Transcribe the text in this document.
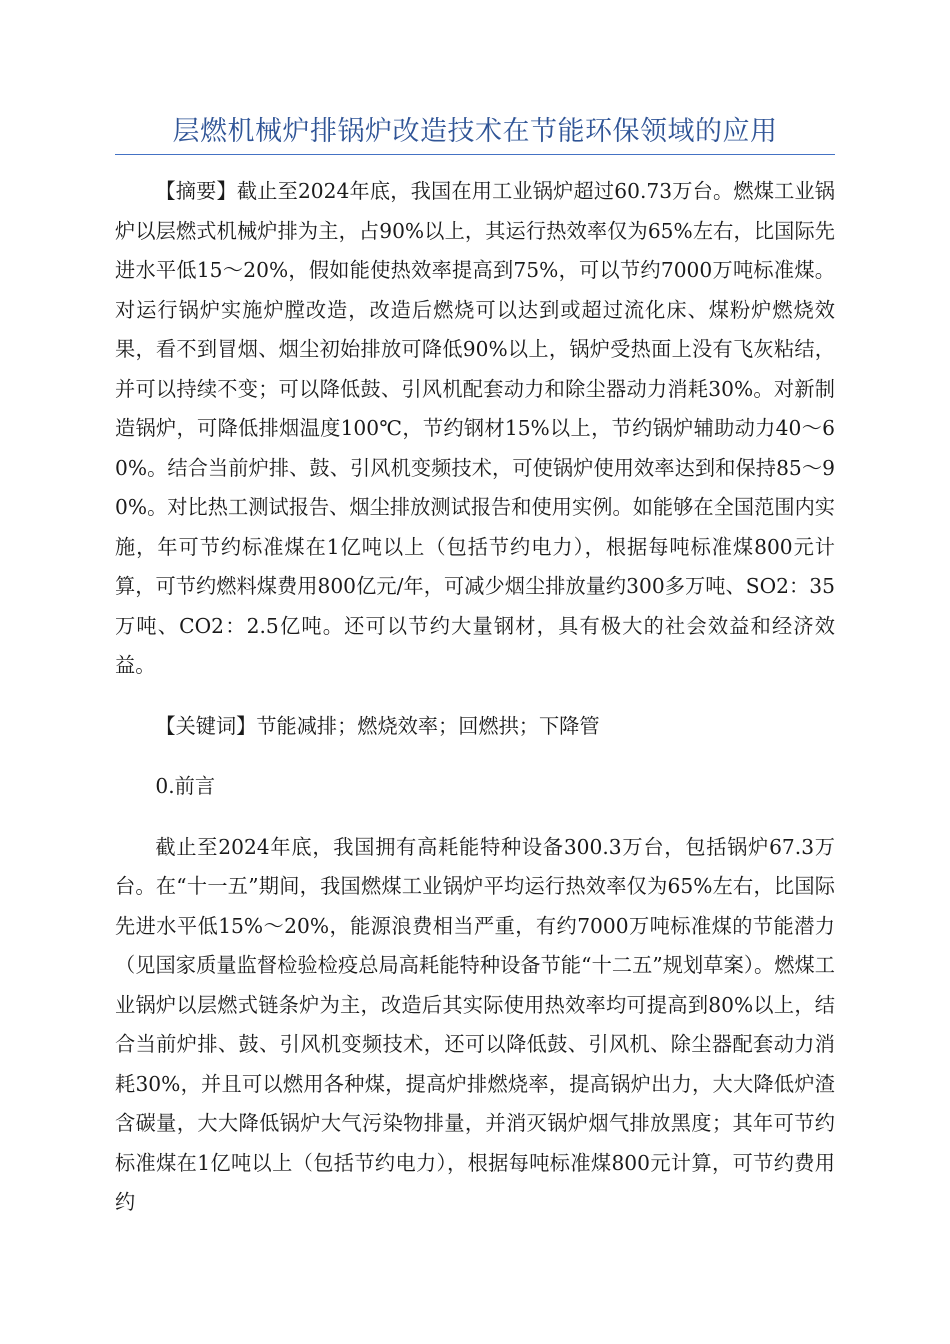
层燃机械炉排锅炉改造技术在节能环保领域的应用

【摘要】截止至2024年底，我国在用工业锅炉超过60.73万台。燃煤工业锅炉以层燃式机械炉排为主，占90%以上，其运行热效率仅为65%左右，比国际先进水平低15～20%，假如能使热效率提高到75%，可以节约7000万吨标准煤。对运行锅炉实施炉膛改造，改造后燃烧可以达到或超过流化床、煤粉炉燃烧效果，看不到冒烟、烟尘初始排放可降低90%以上，锅炉受热面上没有飞灰粘结，并可以持续不变；可以降低鼓、引风机配套动力和除尘器动力消耗30%。对新制造锅炉，可降低排烟温度100℃，节约钢材15%以上，节约锅炉辅助动力40～60%。结合当前炉排、鼓、引风机变频技术，可使锅炉使用效率达到和保持85～90%。对比热工测试报告、烟尘排放测试报告和使用实例。如能够在全国范围内实施，年可节约标准煤在1亿吨以上（包括节约电力），根据每吨标准煤800元计算，可节约燃料煤费用800亿元/年，可减少烟尘排放量约300多万吨、SO2：35万吨、CO2：2.5亿吨。还可以节约大量钢材，具有极大的社会效益和经济效益。

【关键词】节能减排；燃烧效率；回燃拱；下降管

0.前言

截止至2024年底，我国拥有高耗能特种设备300.3万台，包括锅炉67.3万台。在“十一五”期间，我国燃煤工业锅炉平均运行热效率仅为65%左右，比国际先进水平低15%～20%，能源浪费相当严重，有约7000万吨标准煤的节能潜力（见国家质量监督检验检疫总局高耗能特种设备节能“十二五”规划草案）。燃煤工业锅炉以层燃式链条炉为主，改造后其实际使用热效率均可提高到80%以上，结合当前炉排、鼓、引风机变频技术，还可以降低鼓、引风机、除尘器配套动力消耗30%，并且可以燃用各种煤，提高炉排燃烧率，提高锅炉出力，大大降低炉渣含碳量，大大降低锅炉大气污染物排量，并消灭锅炉烟气排放黑度；其年可节约标准煤在1亿吨以上（包括节约电力），根据每吨标准煤800元计算，可节约费用约
